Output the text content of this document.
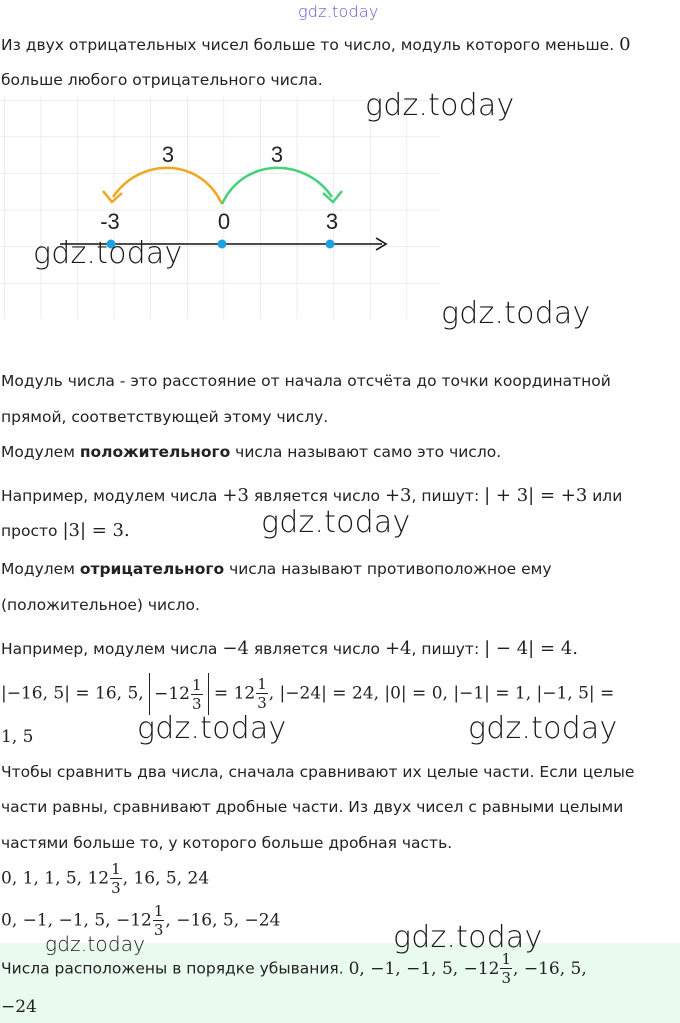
gdz.today
Из двух отрицательных чисел больше то число, модуль которого меньше. 0
больше любого отрицательного числа.
3	3
-3	0	3
gdz.today
gdz.today
gdz.today
Модуль числа - это расстояние от начала отсчёта до точки координатной
прямой, соответствующей этому числу.
Модулем положительного числа называют само это число.
Например, модулем числа +3 является число +3, пишут: | + 3| = +3 или
просто |3| = 3.	gdz.today
Модулем отрицательного числа называют противоположное ему
(положительное) число.
Например, модулем числа −4 является число +4, пишут: | − 4| = 4.
|−16, 5| = 16, 5, $-12 \frac{1}{3} = 12 \frac{1}{3}$ , |−24| = 24, |0| = 0, |−1| = 1, |−1, 5| =
1, 5	gdz.today	gdz.today
Чтобы сравнить два числа, сначала сравнивают их целые части. Если целые
части равны, сравнивают дробные части. Из двух чисел с равными целыми
частями больше то, у которого больше дробная часть.
0, 1, 1, 5, $12 \frac{1}{3}$ , 16, 5, 24
0, −1, −1, 5, $-12 \frac{1}{3}$ , −16, 5, −24
gdz.today	gdz.today
Числа расположены в порядке убывания. 0, −1, −1, 5, $-12 \frac{1}{3}$ , −16, 5,
−24
